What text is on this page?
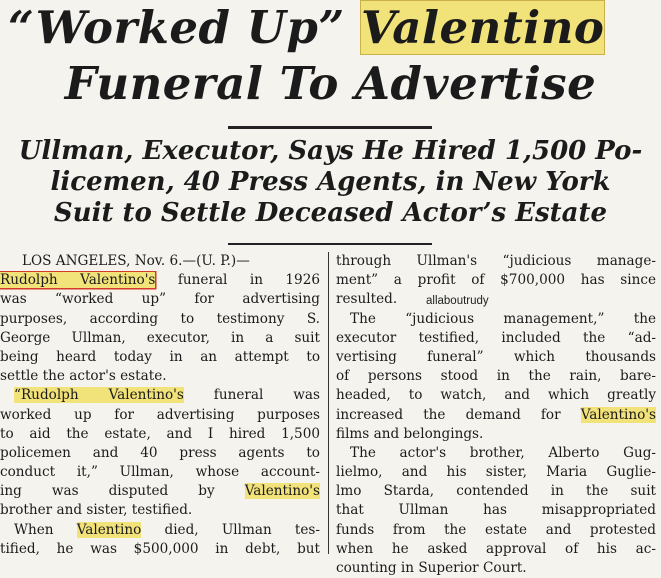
“Worked Up” Valentino
Funeral To Advertise
Ullman, Executor, Says He Hired 1,500 Po-
licemen, 40 Press Agents, in New York
Suit to Settle Deceased Actor’s Estate
LOS ANGELES, Nov. 6.—(U. P.)—
Rudolph Valentino's funeral in 1926
was “worked up” for advertising
purposes, according to testimony S.
George Ullman, executor, in a suit
being heard today in an attempt to
settle the actor's estate.
“Rudolph Valentino's funeral was
worked up for advertising purposes
to aid the estate, and I hired 1,500
policemen and 40 press agents to
conduct it,” Ullman, whose account-
ing was disputed by Valentino's
brother and sister, testified.
When Valentino died, Ullman tes-
tified, he was $500,000 in debt, but
through Ullman's “judicious manage-
ment” a profit of $700,000 has since
resulted.
The “judicious management,” the
executor testified, included the “ad-
vertising funeral” which thousands
of persons stood in the rain, bare-
headed, to watch, and which greatly
increased the demand for Valentino's
films and belongings.
The actor's brother, Alberto Gug-
lielmo, and his sister, Maria Guglie-
lmo Starda, contended in the suit
that Ullman has misappropriated
funds from the estate and protested
when he asked approval of his ac-
counting in Superior Court.
allaboutrudy
